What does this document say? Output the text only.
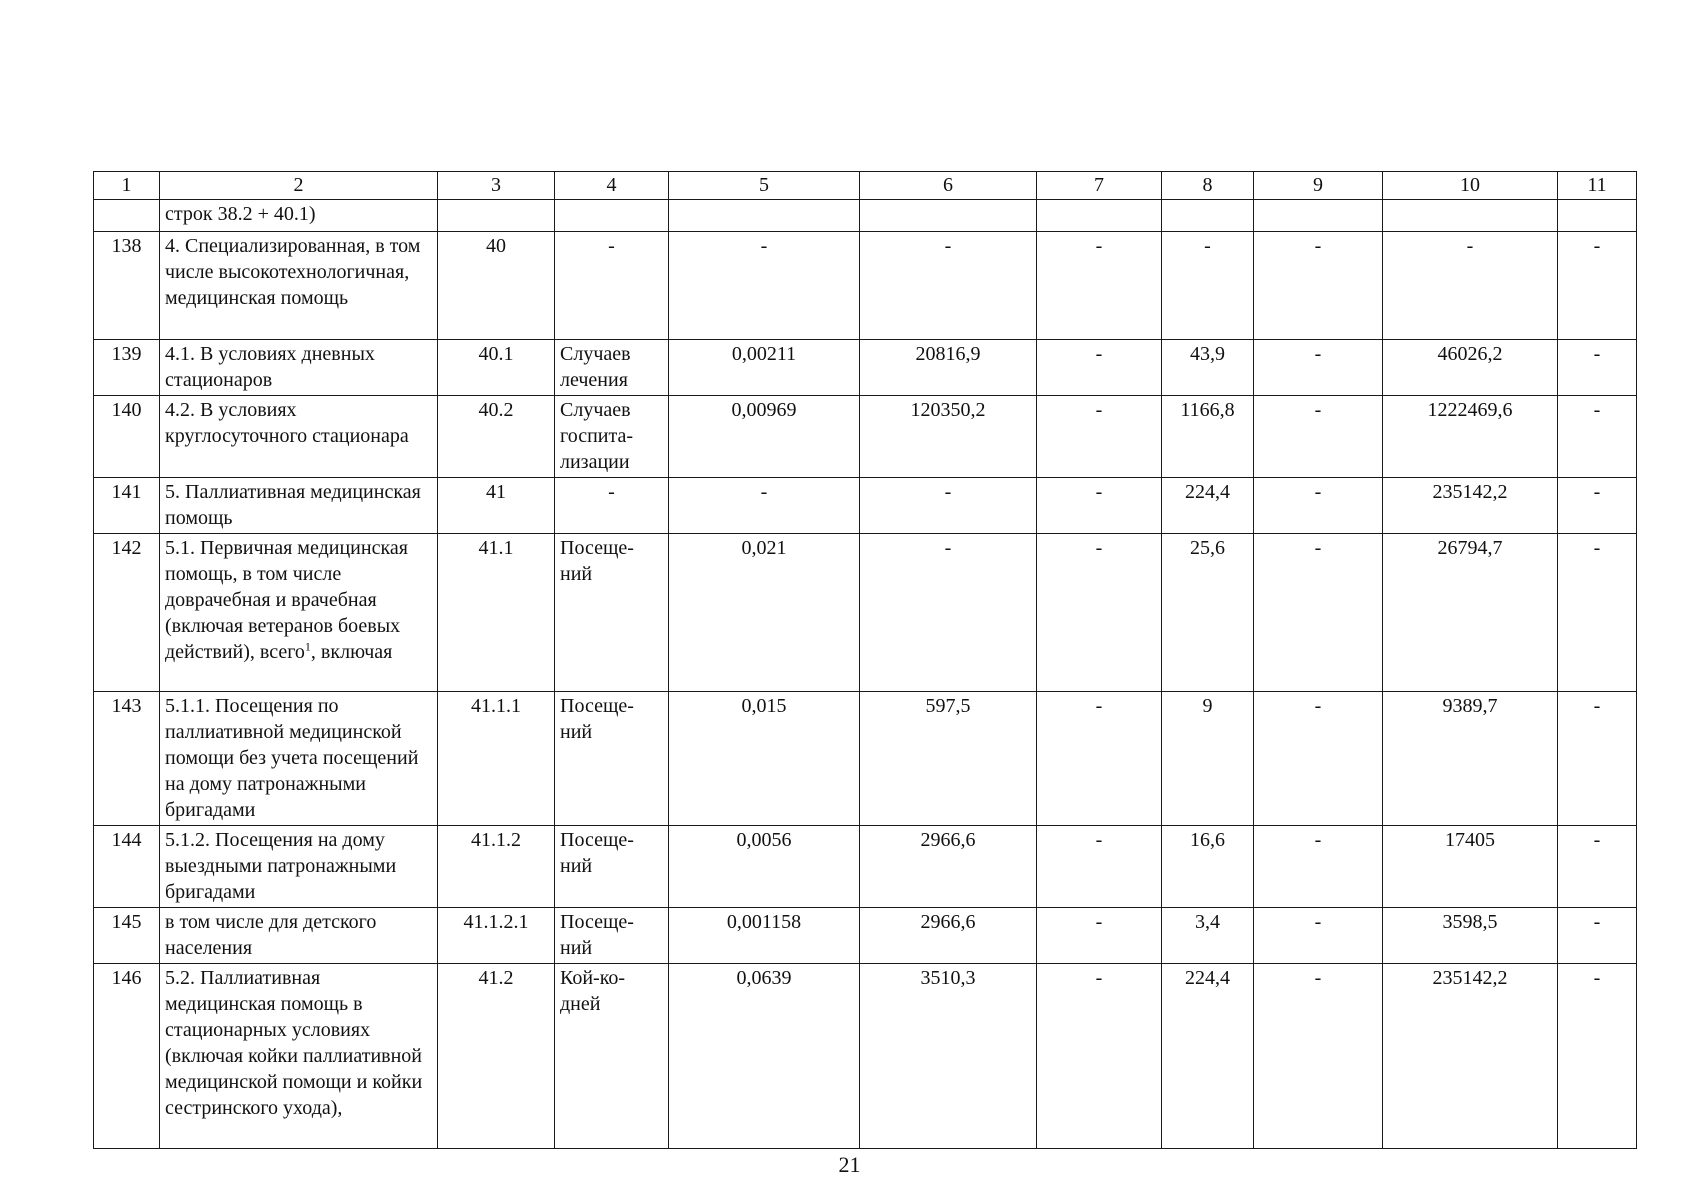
1	2	3	4	5	6	7	8	9	10	11
	строк 38.2 + 40.1)									
138	4. Специализированная, в том числе высокотехнологичная, медицинская помощь	40	-	-	-	-	-	-	-	-
139	4.1. В условиях дневных стационаров	40.1	Случаев лечения	0,00211	20816,9	-	43,9	-	46026,2	-
140	4.2. В условиях круглосуточного стационара	40.2	Случаев госпита-лизации	0,00969	120350,2	-	1166,8	-	1222469,6	-
141	5. Паллиативная медицинская помощь	41	-	-	-	-	224,4	-	235142,2	-
142	5.1. Первичная медицинская помощь, в том числе доврачебная и врачебная (включая ветеранов боевых действий), всего$^1$, включая	41.1	Посеще-ний	0,021	-	-	25,6	-	26794,7	-
143	5.1.1. Посещения по паллиативной медицинской помощи без учета посещений на дому патронажными бригадами	41.1.1	Посеще-ний	0,015	597,5	-	9	-	9389,7	-
144	5.1.2. Посещения на дому выездными патронажными бригадами	41.1.2	Посеще-ний	0,0056	2966,6	-	16,6	-	17405	-
145	в том числе для детского населения	41.1.2.1	Посеще-ний	0,001158	2966,6	-	3,4	-	3598,5	-
146	5.2. Паллиативная медицинская помощь в стационарных условиях (включая койки паллиативной медицинской помощи и койки сестринского ухода),	41.2	Кой-ко-дней	0,0639	3510,3	-	224,4	-	235142,2	-
21
